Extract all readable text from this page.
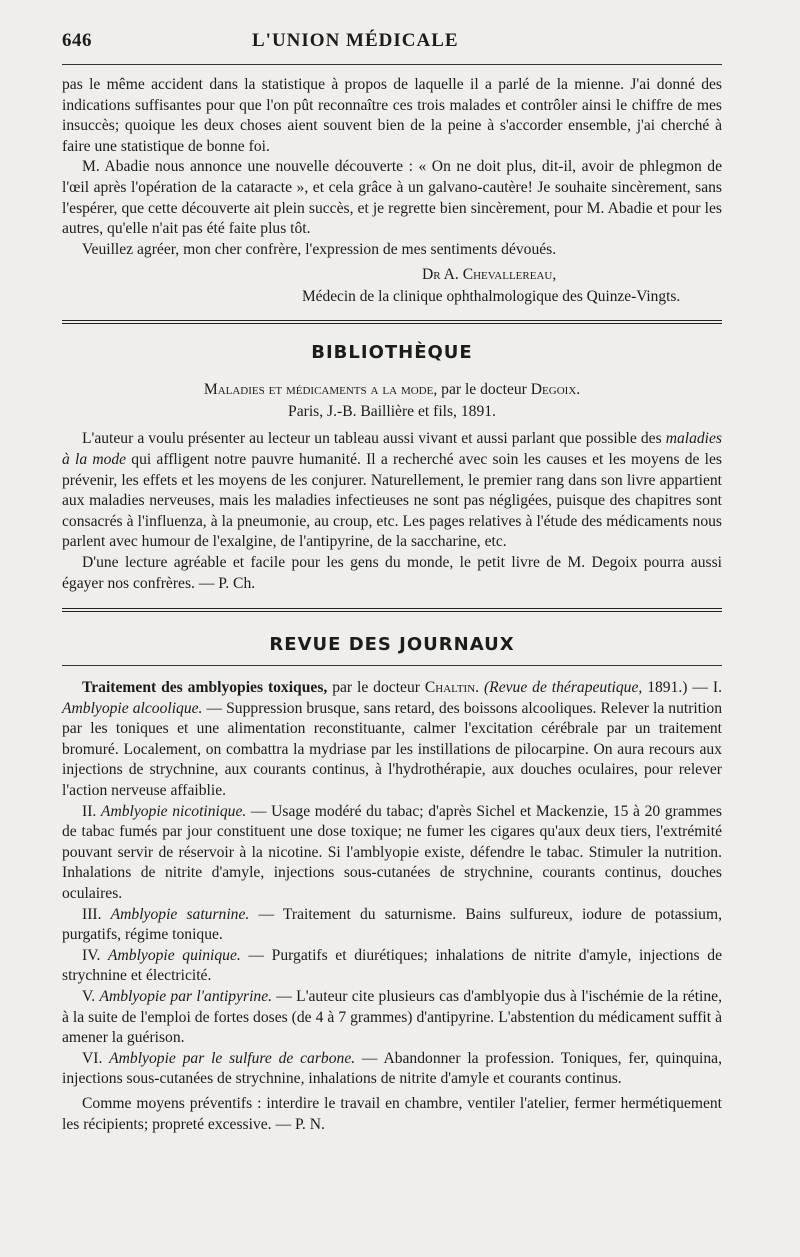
646	L'UNION MÉDICALE

pas le même accident dans la statistique à propos de laquelle il a parlé de la mienne. J'ai donné des indications suffisantes pour que l'on pût reconnaître ces trois malades et contrôler ainsi le chiffre de mes insuccès; quoique les deux choses aient souvent bien de la peine à s'accorder ensemble, j'ai cherché à faire une statistique de bonne foi.

M. Abadie nous annonce une nouvelle découverte : « On ne doit plus, dit-il, avoir de phlegmon de l'œil après l'opération de la cataracte », et cela grâce à un galvano-cautère! Je souhaite sincèrement, sans l'espérer, que cette découverte ait plein succès, et je regrette bien sincèrement, pour M. Abadie et pour les autres, qu'elle n'ait pas été faite plus tôt.

Veuillez agréer, mon cher confrère, l'expression de mes sentiments dévoués.

Dr A. Chevallereau,
Médecin de la clinique ophthalmologique des Quinze-Vingts.
BIBLIOTHÈQUE
Maladies et médicaments a la mode, par le docteur Degoix.
Paris, J.-B. Baillière et fils, 1891.

L'auteur a voulu présenter au lecteur un tableau aussi vivant et aussi parlant que possible des maladies à la mode qui affligent notre pauvre humanité. Il a recherché avec soin les causes et les moyens de les prévenir, les effets et les moyens de les conjurer. Naturellement, le premier rang dans son livre appartient aux maladies nerveuses, mais les maladies infectieuses ne sont pas négligées, puisque des chapitres sont consacrés à l'influenza, à la pneumonie, au croup, etc. Les pages relatives à l'étude des médicaments nous parlent avec humour de l'exalgine, de l'antipyrine, de la saccharine, etc.

D'une lecture agréable et facile pour les gens du monde, le petit livre de M. Degoix pourra aussi égayer nos confrères. — P. Ch.

REVUE DES JOURNAUX

Traitement des amblyopies toxiques, par le docteur Chaltin. (Revue de thérapeutique, 1891.) — I. Amblyopie alcoolique. — Suppression brusque, sans retard, des boissons alcooliques. Relever la nutrition par les toniques et une alimentation reconstituante, calmer l'excitation cérébrale par un traitement bromuré. Localement, on combattra la mydriase par les instillations de pilocarpine. On aura recours aux injections de strychnine, aux courants continus, à l'hydrothérapie, aux douches oculaires, pour relever l'action nerveuse affaiblie.

II. Amblyopie nicotinique. — Usage modéré du tabac; d'après Sichel et Mackenzie, 15 à 20 grammes de tabac fumés par jour constituent une dose toxique; ne fumer les cigares qu'aux deux tiers, l'extrémité pouvant servir de réservoir à la nicotine. Si l'amblyopie existe, défendre le tabac. Stimuler la nutrition. Inhalations de nitrite d'amyle, injections sous-cutanées de strychnine, courants continus, douches oculaires.

III. Amblyopie saturnine. — Traitement du saturnisme. Bains sulfureux, iodure de potassium, purgatifs, régime tonique.

IV. Amblyopie quinique. — Purgatifs et diurétiques; inhalations de nitrite d'amyle, injections de strychnine et électricité.

V. Amblyopie par l'antipyrine. — L'auteur cite plusieurs cas d'amblyopie dus à l'ischémie de la rétine, à la suite de l'emploi de fortes doses (de 4 à 7 grammes) d'antipyrine. L'abstention du médicament suffit à amener la guérison.

VI. Amblyopie par le sulfure de carbone. — Abandonner la profession. Toniques, fer, quinquina, injections sous-cutanées de strychnine, inhalations de nitrite d'amyle et courants continus.

Comme moyens préventifs : interdire le travail en chambre, ventiler l'atelier, fermer hermétiquement les récipients; propreté excessive. — P. N.
